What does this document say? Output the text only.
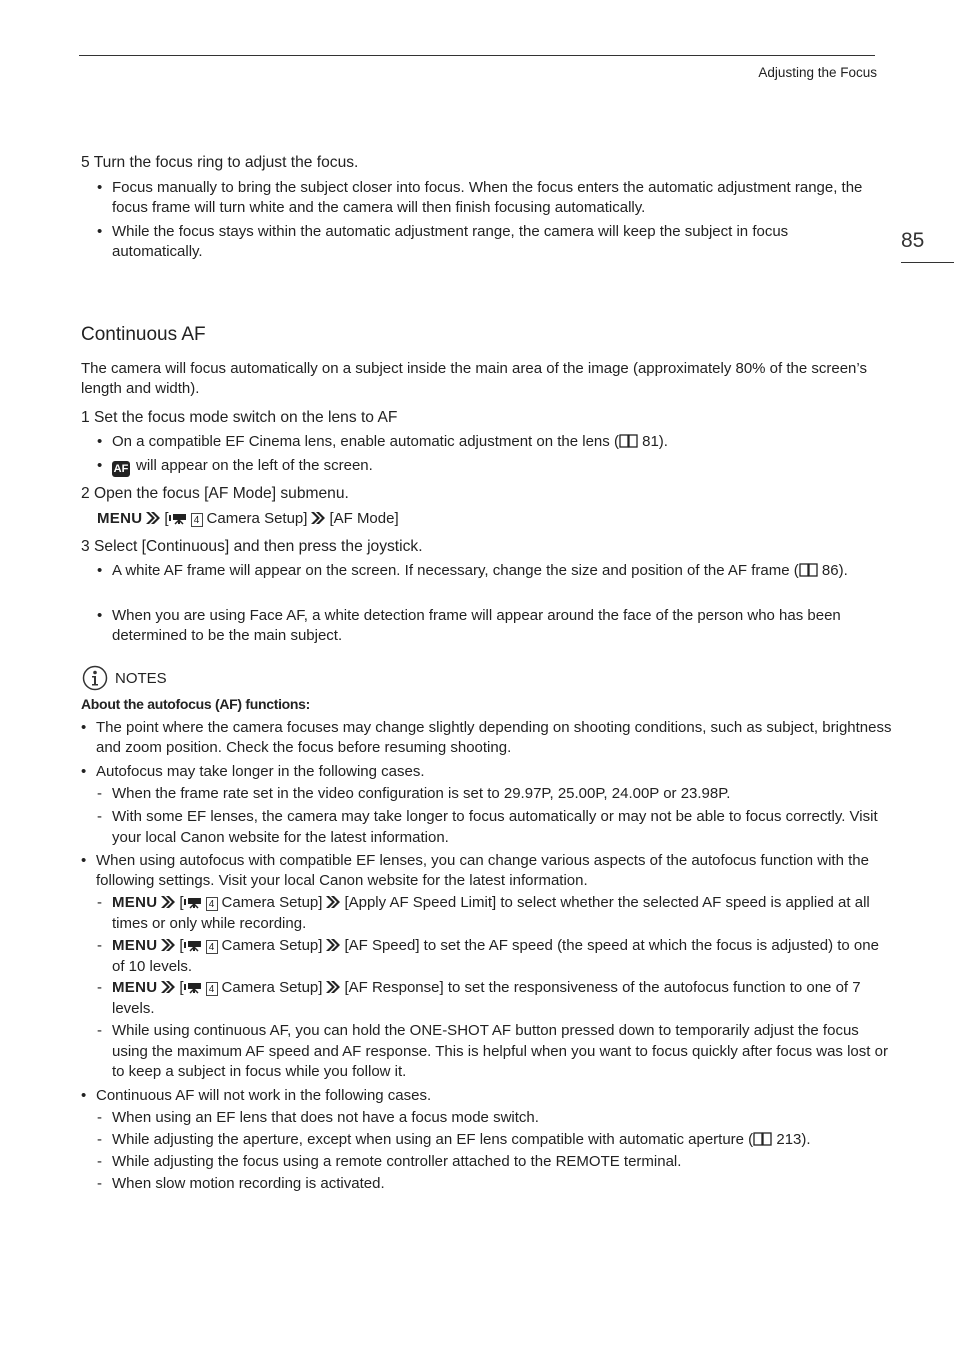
Adjusting the Focus
85

5 Turn the focus ring to adjust the focus.

• Focus manually to bring the subject closer into focus. When the focus enters the automatic adjustment range, the focus frame will turn white and the camera will then finish focusing automatically.

• While the focus stays within the automatic adjustment range, the camera will keep the subject in focus automatically.

Continuous AF

The camera will focus automatically on a subject inside the main area of the image (approximately 80% of the screen’s length and width).

1 Set the focus mode switch on the lens to AF

• On a compatible EF Cinema lens, enable automatic adjustment on the lens ( 81).

• AF will appear on the left of the screen.

2 Open the focus [AF Mode] submenu.

MENU [	4 Camera Setup] [AF Mode]

3 Select [Continuous] and then press the joystick.

• A white AF frame will appear on the screen. If necessary, change the size and position of the AF frame ( 86).

• When you are using Face AF, a white detection frame will appear around the face of the person who has been determined to be the main subject.

NOTES
About the autofocus (AF) functions:

• The point where the camera focuses may change slightly depending on shooting conditions, such as subject, brightness and zoom position. Check the focus before resuming shooting.

• Autofocus may take longer in the following cases.

- When the frame rate set in the video configuration is set to 29.97P, 25.00P, 24.00P or 23.98P.

- With some EF lenses, the camera may take longer to focus automatically or may not be able to focus correctly. Visit your local Canon website for the latest information.

• When using autofocus with compatible EF lenses, you can change various aspects of the autofocus function with the following settings. Visit your local Canon website for the latest information.

- MENU [	4 Camera Setup] [Apply AF Speed Limit] to select whether the selected AF speed is applied at all times or only while recording.

- MENU [	4 Camera Setup] [AF Speed] to set the AF speed (the speed at which the focus is adjusted) to one of 10 levels.

- MENU [	4 Camera Setup] [AF Response] to set the responsiveness of the autofocus function to one of 7 levels.

- While using continuous AF, you can hold the ONE-SHOT AF button pressed down to temporarily adjust the focus using the maximum AF speed and AF response. This is helpful when you want to focus quickly after focus was lost or to keep a subject in focus while you follow it.

• Continuous AF will not work in the following cases.

- When using an EF lens that does not have a focus mode switch.

- While adjusting the aperture, except when using an EF lens compatible with automatic aperture ( 213).

- While adjusting the focus using a remote controller attached to the REMOTE terminal.

- When slow motion recording is activated.
